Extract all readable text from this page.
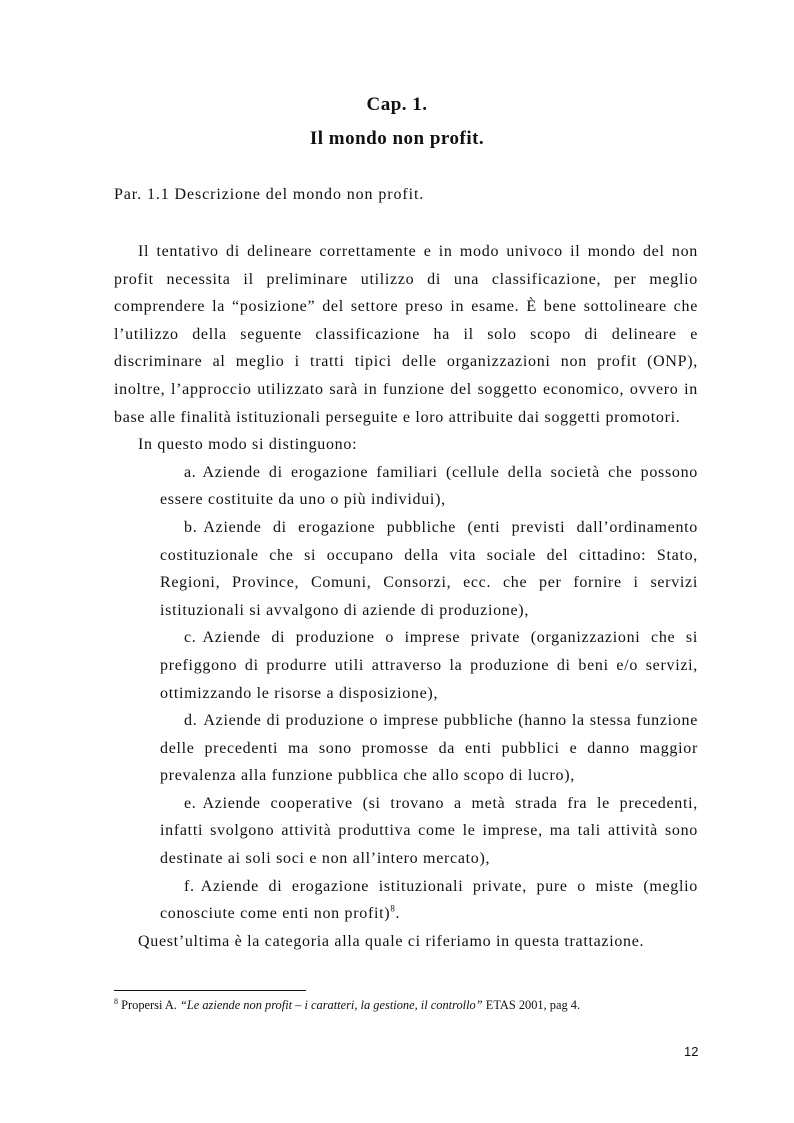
Cap. 1.
Il mondo non profit.
Par. 1.1 Descrizione del mondo non profit.

Il tentativo di delineare correttamente e in modo univoco il mondo del non profit necessita il preliminare utilizzo di una classificazione, per meglio comprendere la “posizione” del settore preso in esame. È bene sottolineare che l’utilizzo della seguente classificazione ha il solo scopo di delineare e discriminare al meglio i tratti tipici delle organizzazioni non profit (ONP), inoltre, l’approccio utilizzato sarà in funzione del soggetto economico, ovvero in base alle finalità istituzionali perseguite e loro attribuite dai soggetti promotori.

In questo modo si distinguono:

a. Aziende di erogazione familiari (cellule della società che possono essere costituite da uno o più individui),
b. Aziende di erogazione pubbliche (enti previsti dall’ordinamento costituzionale che si occupano della vita sociale del cittadino: Stato, Regioni, Province, Comuni, Consorzi, ecc. che per fornire i servizi istituzionali si avvalgono di aziende di produzione),
c. Aziende di produzione o imprese private (organizzazioni che si prefiggono di produrre utili attraverso la produzione di beni e/o servizi, ottimizzando le risorse a disposizione),
d. Aziende di produzione o imprese pubbliche (hanno la stessa funzione delle precedenti ma sono promosse da enti pubblici e danno maggior prevalenza alla funzione pubblica che allo scopo di lucro),
e. Aziende cooperative (si trovano a metà strada fra le precedenti, infatti svolgono attività produttiva come le imprese, ma tali attività sono destinate ai soli soci e non all’intero mercato),
f. Aziende di erogazione istituzionali private, pure o miste (meglio conosciute come enti non profit)$^8$.

Quest’ultima è la categoria alla quale ci riferiamo in questa trattazione.

$^8$ Propersi A. “Le aziende non profit – i caratteri, la gestione, il controllo” ETAS 2001, pag 4.
12
